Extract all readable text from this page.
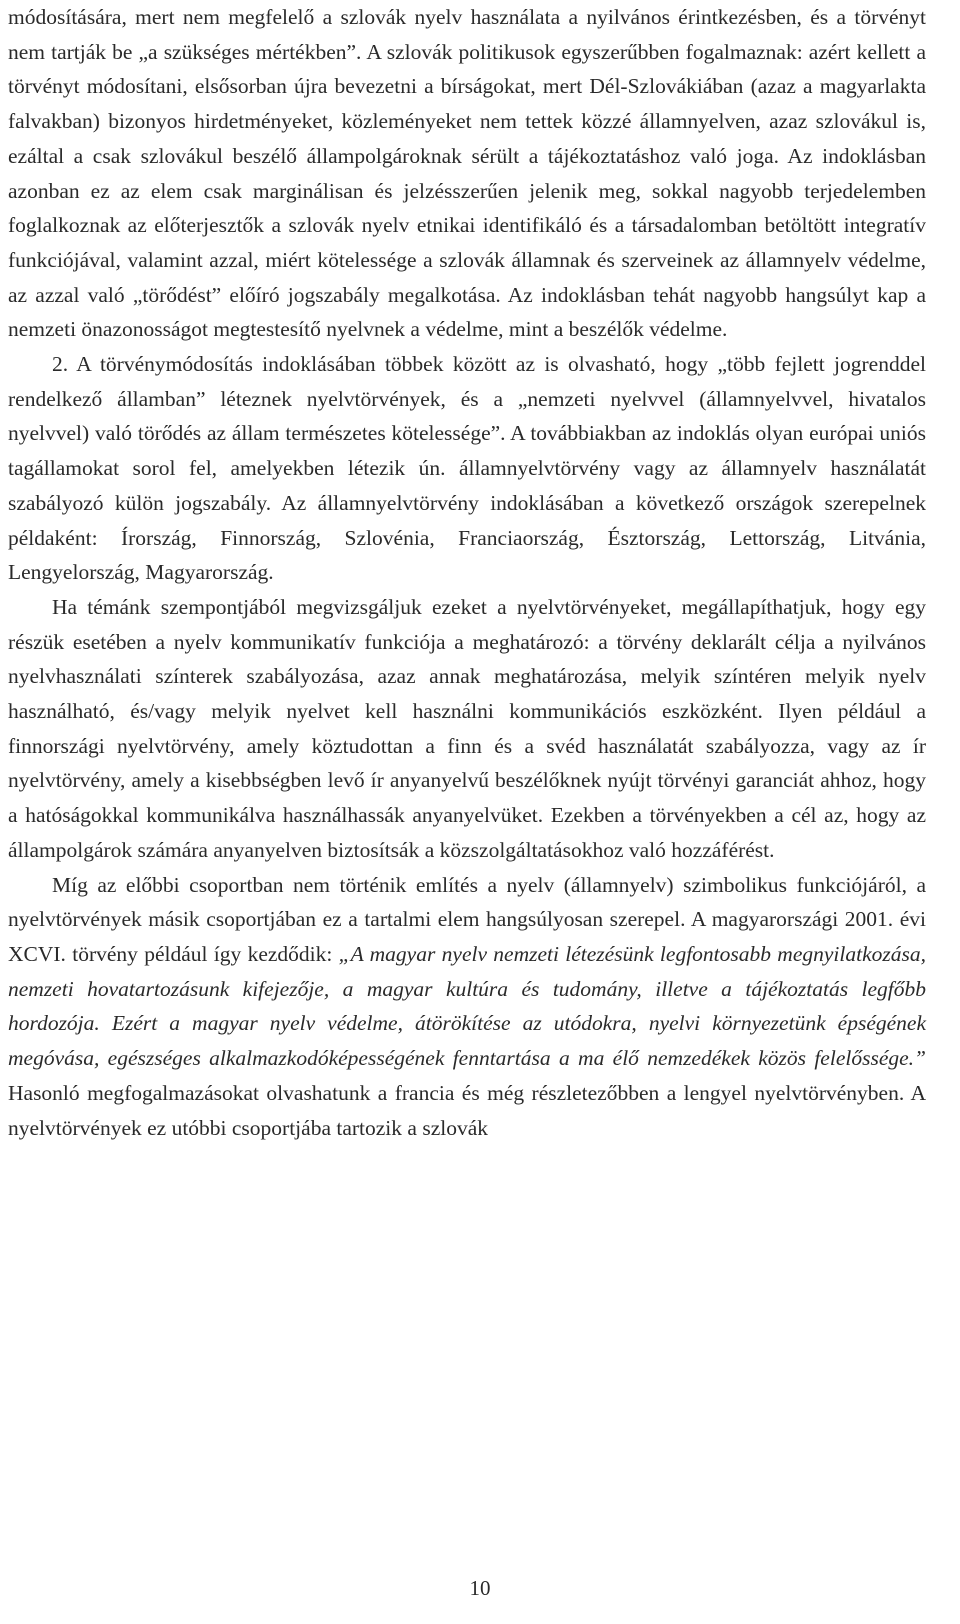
módosítására, mert nem megfelelő a szlovák nyelv használata a nyilvános érintkezésben, és a törvényt nem tartják be „a szükséges mértékben”. A szlovák politikusok egyszerűbben fogalmaznak: azért kellett a törvényt módosítani, elsősorban újra bevezetni a bírságokat, mert Dél-Szlovákiában (azaz a magyarlakta falvakban) bizonyos hirdetményeket, közleményeket nem tettek közzé államnyelven, azaz szlovákul is, ezáltal a csak szlovákul beszélő állampolgároknak sérült a tájékoztatáshoz való joga. Az indoklásban azonban ez az elem csak marginálisan és jelzésszerűen jelenik meg, sokkal nagyobb terjedelemben foglalkoznak az előterjesztők a szlovák nyelv etnikai identifikáló és a társadalomban betöltött integratív funkciójával, valamint azzal, miért kötelessége a szlovák államnak és szerveinek az államnyelv védelme, az azzal való „törődést” előíró jogszabály megalkotása. Az indoklásban tehát nagyobb hangsúlyt kap a nemzeti önazonosságot megtestesítő nyelvnek a védelme, mint a beszélők védelme.

2. A törvénymódosítás indoklásában többek között az is olvasható, hogy „több fejlett jogrenddel rendelkező államban” léteznek nyelvtörvények, és a „nemzeti nyelvvel (államnyelvvel, hivatalos nyelvvel) való törődés az állam természetes kötelessége”. A továbbiakban az indoklás olyan európai uniós tagállamokat sorol fel, amelyekben létezik ún. államnyelvtörvény vagy az államnyelv használatát szabályozó külön jogszabály. Az államnyelvtörvény indoklásában a következő országok szerepelnek példaként: Írország, Finnország, Szlovénia, Franciaország, Észtország, Lettország, Litvánia, Lengyelország, Magyarország.

Ha témánk szempontjából megvizsgáljuk ezeket a nyelvtörvényeket, megállapíthatjuk, hogy egy részük esetében a nyelv kommunikatív funkciója a meghatározó: a törvény deklarált célja a nyilvános nyelvhasználati színterek szabályozása, azaz annak meghatározása, melyik színtéren melyik nyelv használható, és/vagy melyik nyelvet kell használni kommunikációs eszközként. Ilyen például a finnországi nyelvtörvény, amely köztudottan a finn és a svéd használatát szabályozza, vagy az ír nyelvtörvény, amely a kisebbségben levő ír anyanyelvű beszélőknek nyújt törvényi garanciát ahhoz, hogy a hatóságokkal kommunikálva használhassák anyanyelvüket. Ezekben a törvényekben a cél az, hogy az állampolgárok számára anyanyelven biztosítsák a közszolgáltatásokhoz való hozzáférést.

Míg az előbbi csoportban nem történik említés a nyelv (államnyelv) szimbolikus funkciójáról, a nyelvtörvények másik csoportjában ez a tartalmi elem hangsúlyosan szerepel. A magyarországi 2001. évi XCVI. törvény például így kezdődik: „A magyar nyelv nemzeti létezésünk legfontosabb megnyilatkozása, nemzeti hovatartozásunk kifejezője, a magyar kultúra és tudomány, illetve a tájékoztatás legfőbb hordozója. Ezért a magyar nyelv védelme, átörökítése az utódokra, nyelvi környezetünk épségének megóvása, egészséges alkalmazkodóképességének fenntartása a ma élő nemzedékek közös felelőssége.” Hasonló megfogalmazásokat olvashatunk a francia és még részletezőbben a lengyel nyelvtörvényben. A nyelvtörvények ez utóbbi csoportjába tartozik a szlovák

10
